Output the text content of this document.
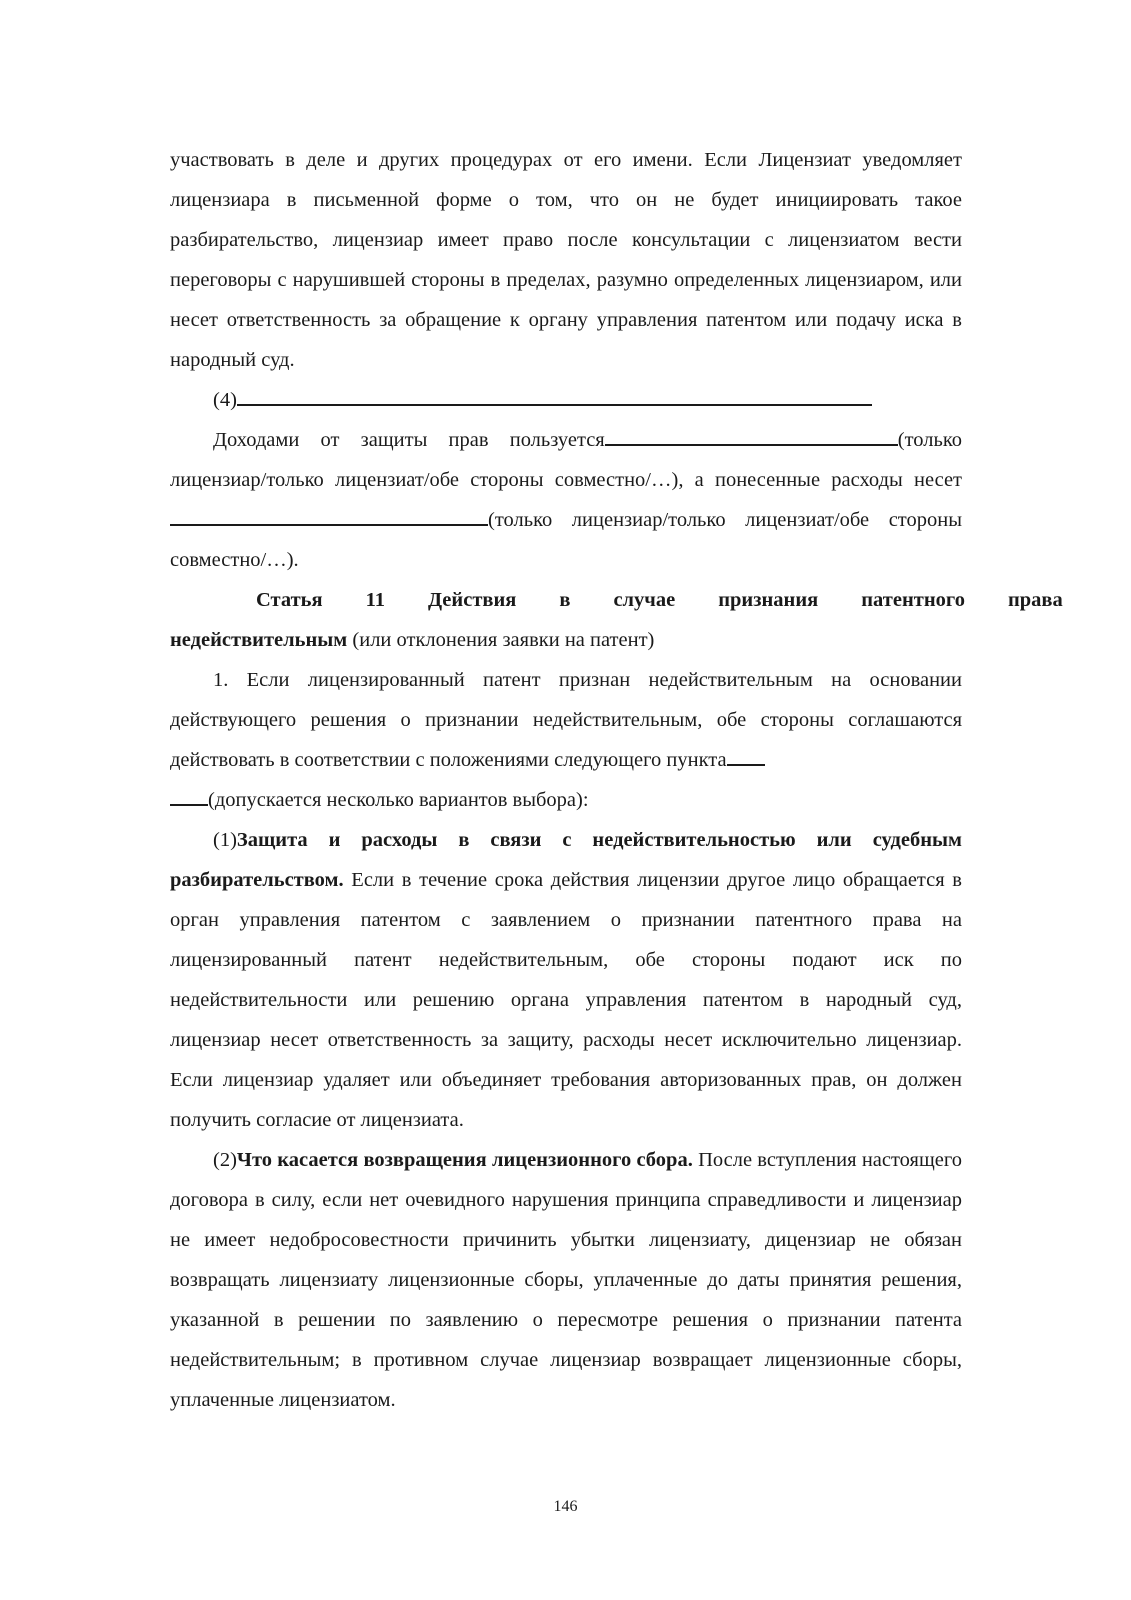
участвовать в деле и других процедурах от его имени. Если Лицензиат уведомляет лицензиара в письменной форме о том, что он не будет инициировать такое разбирательство, лицензиар имеет право после консультации с лицензиатом вести переговоры с нарушившей стороны в пределах, разумно определенных лицензиаром, или несет ответственность за обращение к органу управления патентом или подачу иска в народный суд.

(4)

Доходами от защиты прав пользуется	(только лицензиар/только лицензиат/обе стороны совместно/…), а понесенные расходы несет(только лицензиар/только лицензиат/обе стороны совместно/…).

Статья	11	Действия	в	случае	признания	патентного	права

недействительным (или отклонения заявки на патент)

1. Если лицензированный патент признан недействительным на основании действующего решения о признании недействительным, обе стороны соглашаются действовать в соответствии с положениями следующего пункта
(допускается несколько вариантов выбора):

(1)Защита и расходы в связи с недействительностью или судебным разбирательством. Если в течение срока действия лицензии другое лицо обращается в орган управления патентом с заявлением о признании патентного права на лицензированный патент недействительным, обе стороны подают иск по недействительности или решению органа управления патентом в народный суд, лицензиар несет ответственность за защиту, расходы несет исключительно лицензиар. Если лицензиар удаляет или объединяет требования авторизованных прав, он должен получить согласие от лицензиата.

(2)Что касается возвращения лицензионного сбора. После вступления настоящего договора в силу, если нет очевидного нарушения принципа справедливости и лицензиар не имеет недобросовестности причинить убытки лицензиату, дицензиар не обязан возвращать лицензиату лицензионные сборы, уплаченные до даты принятия решения, указанной в решении по заявлению о пересмотре решения о признании патента недействительным; в противном случае лицензиар возвращает лицензионные сборы, уплаченные лицензиатом.

146
